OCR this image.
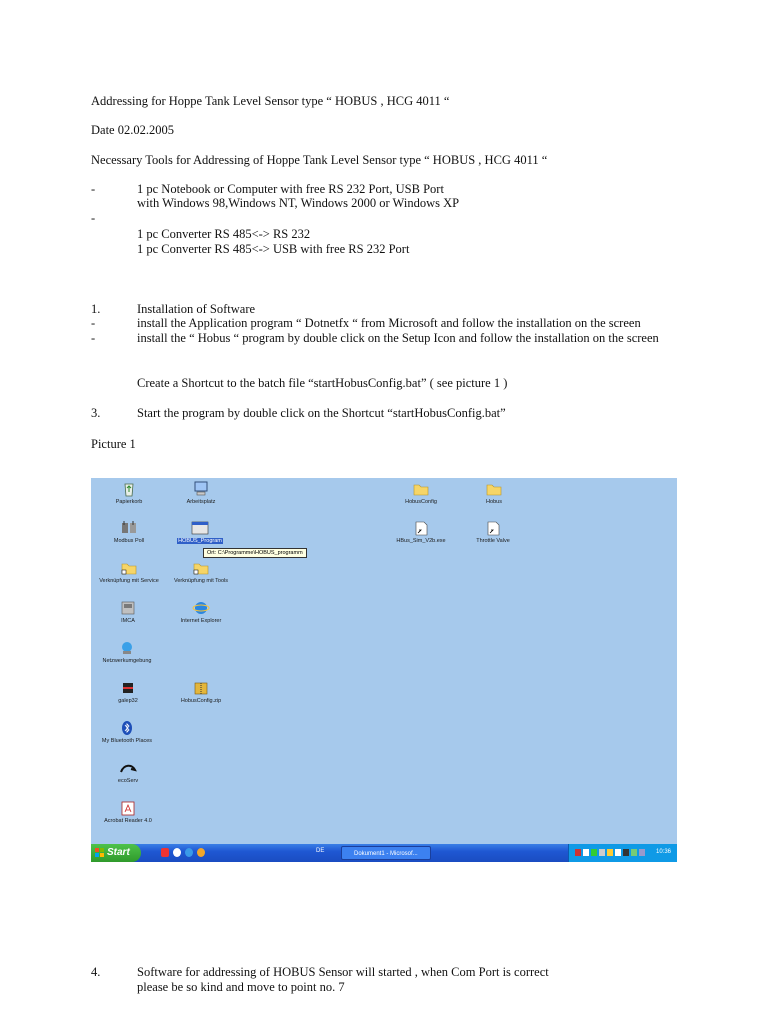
Addressing for Hoppe Tank Level Sensor type “ HOBUS , HCG 4011 “
Date 02.02.2005
Necessary Tools for Addressing of Hoppe Tank Level Sensor type “ HOBUS , HCG 4011 “
-	1 pc Notebook or Computer with free RS 232 Port, USB Port
with Windows 98,Windows NT, Windows 2000 or Windows XP
-
1 pc Converter RS 485<-> RS 232
1 pc Converter RS 485<-> USB with free RS 232 Port
1.	Installation of Software
-	install the Application program “ Dotnetfx “ from Microsoft and follow the installation on the screen
-	install the “ Hobus “ program by double click on the Setup Icon and follow the installation on the screen
Create a Shortcut to the batch file “startHobusConfig.bat” ( see picture 1 )
3.	Start the program by double click on the Shortcut “startHobusConfig.bat”
Picture 1
Papierkorb	Arbeitsplatz	HobusConfig	Hobus
Modbus Poll	HOBUS_Program
Ort: C:\Programme\HOBUS_programm
HBus_Sim_V2b.exe	Throttle Valve
Verknüpfung mit Service	Verknüpfung mit Tools
IMCA	Internet Explorer
Netzwerkumgebung
galep32	HobusConfig.zip
My Bluetooth Places
ecoServ
Acrobat Reader 4.0
Start	DE	Dokument1 - Microsof...	10:36
4.	Software for addressing of HOBUS Sensor will started , when Com Port is correct
please be so kind and move to point no. 7
